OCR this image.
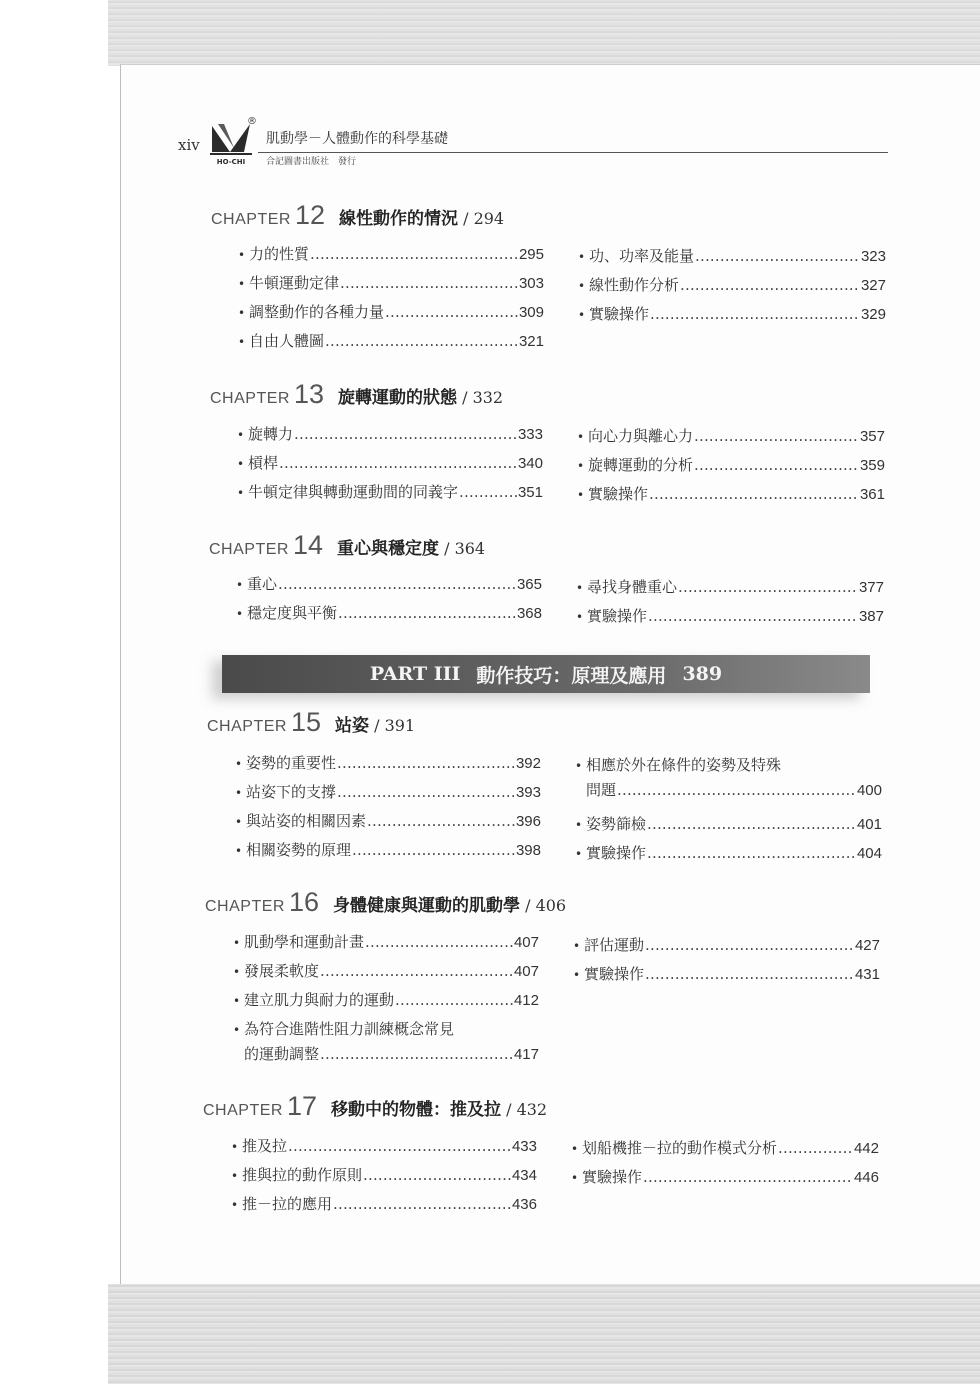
xiv
HO-CHI
®
肌動學－人體動作的科學基礎
合記圖書出版社　發行
CHAPTER 12 線性動作的情況 / 294
• 力的性質 .....	295
• 牛頓運動定律 .....	303
• 調整動作的各種力量 .....	309
• 自由人體圖 .....	321
• 功、功率及能量 .....	323
• 線性動作分析 .....	327
• 實驗操作 .....	329
CHAPTER 13 旋轉運動的狀態 / 332
• 旋轉力 .....	333
• 槓桿 .....	340
• 牛頓定律與轉動運動間的同義字 .....	351
• 向心力與離心力 .....	357
• 旋轉運動的分析 .....	359
• 實驗操作 .....	361
CHAPTER 14 重心與穩定度 / 364
• 重心 .....	365
• 穩定度與平衡 .....	368
• 尋找身體重心 .....	377
• 實驗操作 .....	387
PART III 動作技巧：原理及應用 389
CHAPTER 15 站姿 / 391
• 姿勢的重要性 .....	392
• 站姿下的支撐 .....	393
• 與站姿的相關因素 .....	396
• 相關姿勢的原理 .....	398
• 相應於外在條件的姿勢及特殊
問題 .....	400
• 姿勢篩檢 .....	401
• 實驗操作 .....	404
CHAPTER 16 身體健康與運動的肌動學 / 406
• 肌動學和運動計畫 .....	407
• 發展柔軟度 .....	407
• 建立肌力與耐力的運動 .....	412
• 為符合進階性阻力訓練概念常見
的運動調整 .....	417
• 評估運動 .....	427
• 實驗操作 .....	431
CHAPTER 17 移動中的物體：推及拉 / 432
• 推及拉 .....	433
• 推與拉的動作原則 .....	434
• 推－拉的應用 .....	436
• 划船機推－拉的動作模式分析 .....	442
• 實驗操作 .....	446
